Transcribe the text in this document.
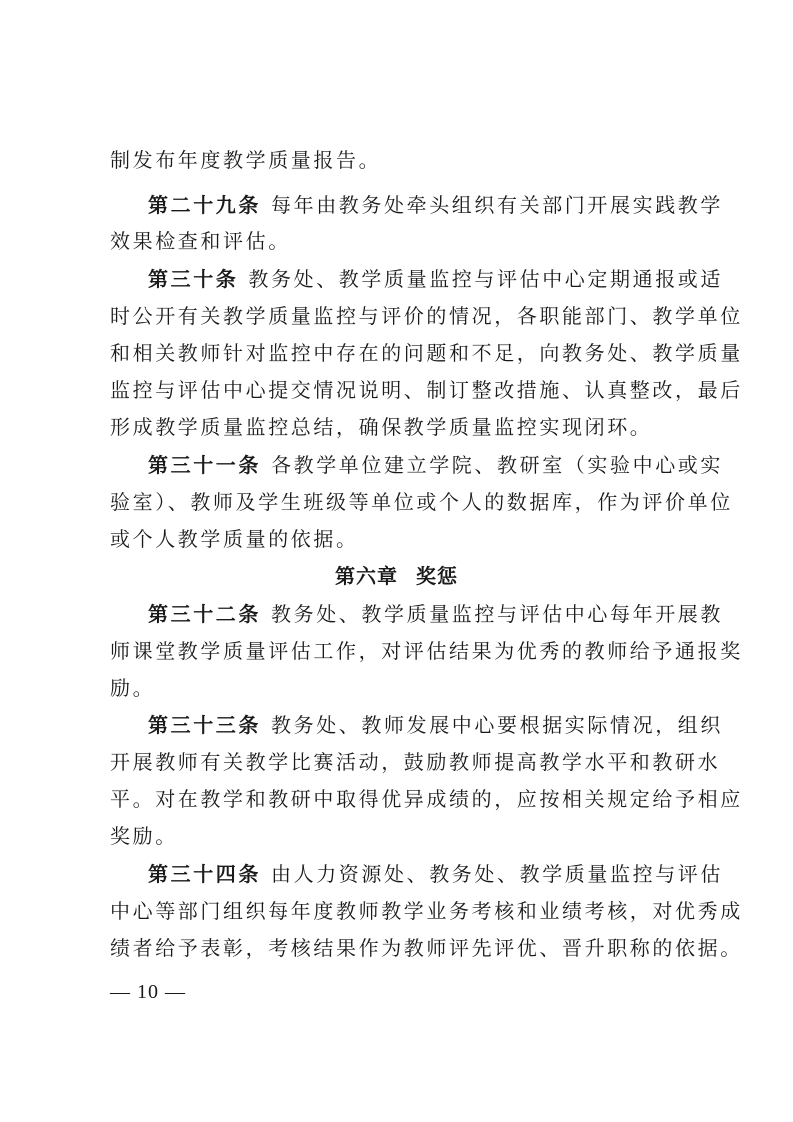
制发布年度教学质量报告。
第二十九条 每年由教务处牵头组织有关部门开展实践教学
效果检查和评估。
第三十条 教务处、教学质量监控与评估中心定期通报或适
时公开有关教学质量监控与评价的情况，各职能部门、教学单位
和相关教师针对监控中存在的问题和不足，向教务处、教学质量
监控与评估中心提交情况说明、制订整改措施、认真整改，最后
形成教学质量监控总结，确保教学质量监控实现闭环。
第三十一条 各教学单位建立学院、教研室（实验中心或实
验室）、教师及学生班级等单位或个人的数据库，作为评价单位
或个人教学质量的依据。
第六章 奖惩
第三十二条 教务处、教学质量监控与评估中心每年开展教
师课堂教学质量评估工作，对评估结果为优秀的教师给予通报奖
励。
第三十三条 教务处、教师发展中心要根据实际情况，组织
开展教师有关教学比赛活动，鼓励教师提高教学水平和教研水
平。对在教学和教研中取得优异成绩的，应按相关规定给予相应
奖励。
第三十四条 由人力资源处、教务处、教学质量监控与评估
中心等部门组织每年度教师教学业务考核和业绩考核，对优秀成
绩者给予表彰，考核结果作为教师评先评优、晋升职称的依据。
— 10 —
